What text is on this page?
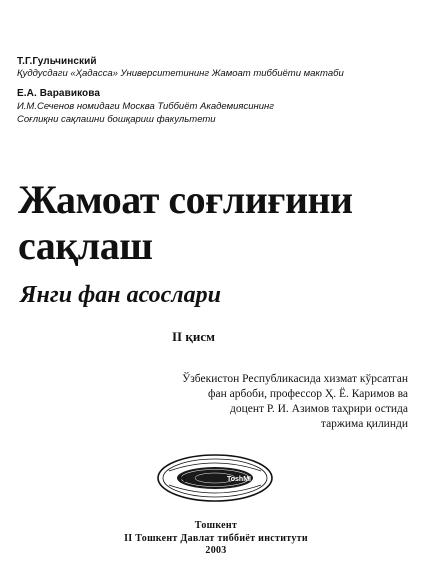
Т.Г.Гульчинский
Қуддусдаги «Ҳадасса» Университетининг Жамоат тиббиёти мактаби
Е.А. Варавикова
И.М.Сеченов номидаги Москва Тиббиёт Академиясининг
Соғлиқни сақлашни бошқариш факультети
Жамоат соғлиғини
сақлаш
Янги фан асослари
II қисм
Ўзбекистон Республикасида хизмат кўрсатган
фан арбоби, профессор Ҳ. Ё. Каримов ва
доцент Р. И. Азимов таҳрири остида
таржима қилинди
II	ToshMI
Тошкент
II Тошкент Давлат тиббиёт институти
2003
